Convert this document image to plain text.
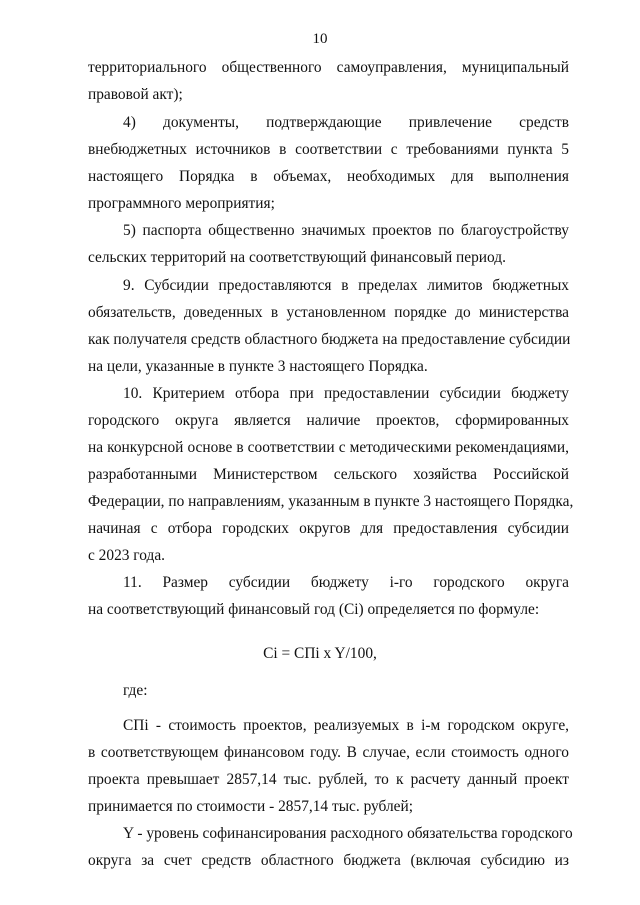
10
территориального общественного самоуправления, муниципальный
правовой акт);
4) документы, подтверждающие привлечение средств
внебюджетных источников в соответствии с требованиями пункта 5
настоящего Порядка в объемах, необходимых для выполнения
программного мероприятия;
5) паспорта общественно значимых проектов по благоустройству
сельских территорий на соответствующий финансовый период.
9. Субсидии предоставляются в пределах лимитов бюджетных
обязательств, доведенных в установленном порядке до министерства
как получателя средств областного бюджета на предоставление субсидии
на цели, указанные в пункте 3 настоящего Порядка.
10. Критерием отбора при предоставлении субсидии бюджету
городского округа является наличие проектов, сформированных
на конкурсной основе в соответствии с методическими рекомендациями,
разработанными Министерством сельского хозяйства Российской
Федерации, по направлениям, указанным в пункте 3 настоящего Порядка,
начиная с отбора городских округов для предоставления субсидии
с 2023 года.
11. Размер субсидии бюджету i-го городского округа
на соответствующий финансовый год (Ci) определяется по формуле:
Ci = СПi x Y/100,
где:
СПi - стоимость проектов, реализуемых в i-м городском округе,
в соответствующем финансовом году. В случае, если стоимость одного
проекта превышает 2857,14 тыс. рублей, то к расчету данный проект
принимается по стоимости - 2857,14 тыс. рублей;
Y - уровень софинансирования расходного обязательства городского
округа за счет средств областного бюджета (включая субсидию из
